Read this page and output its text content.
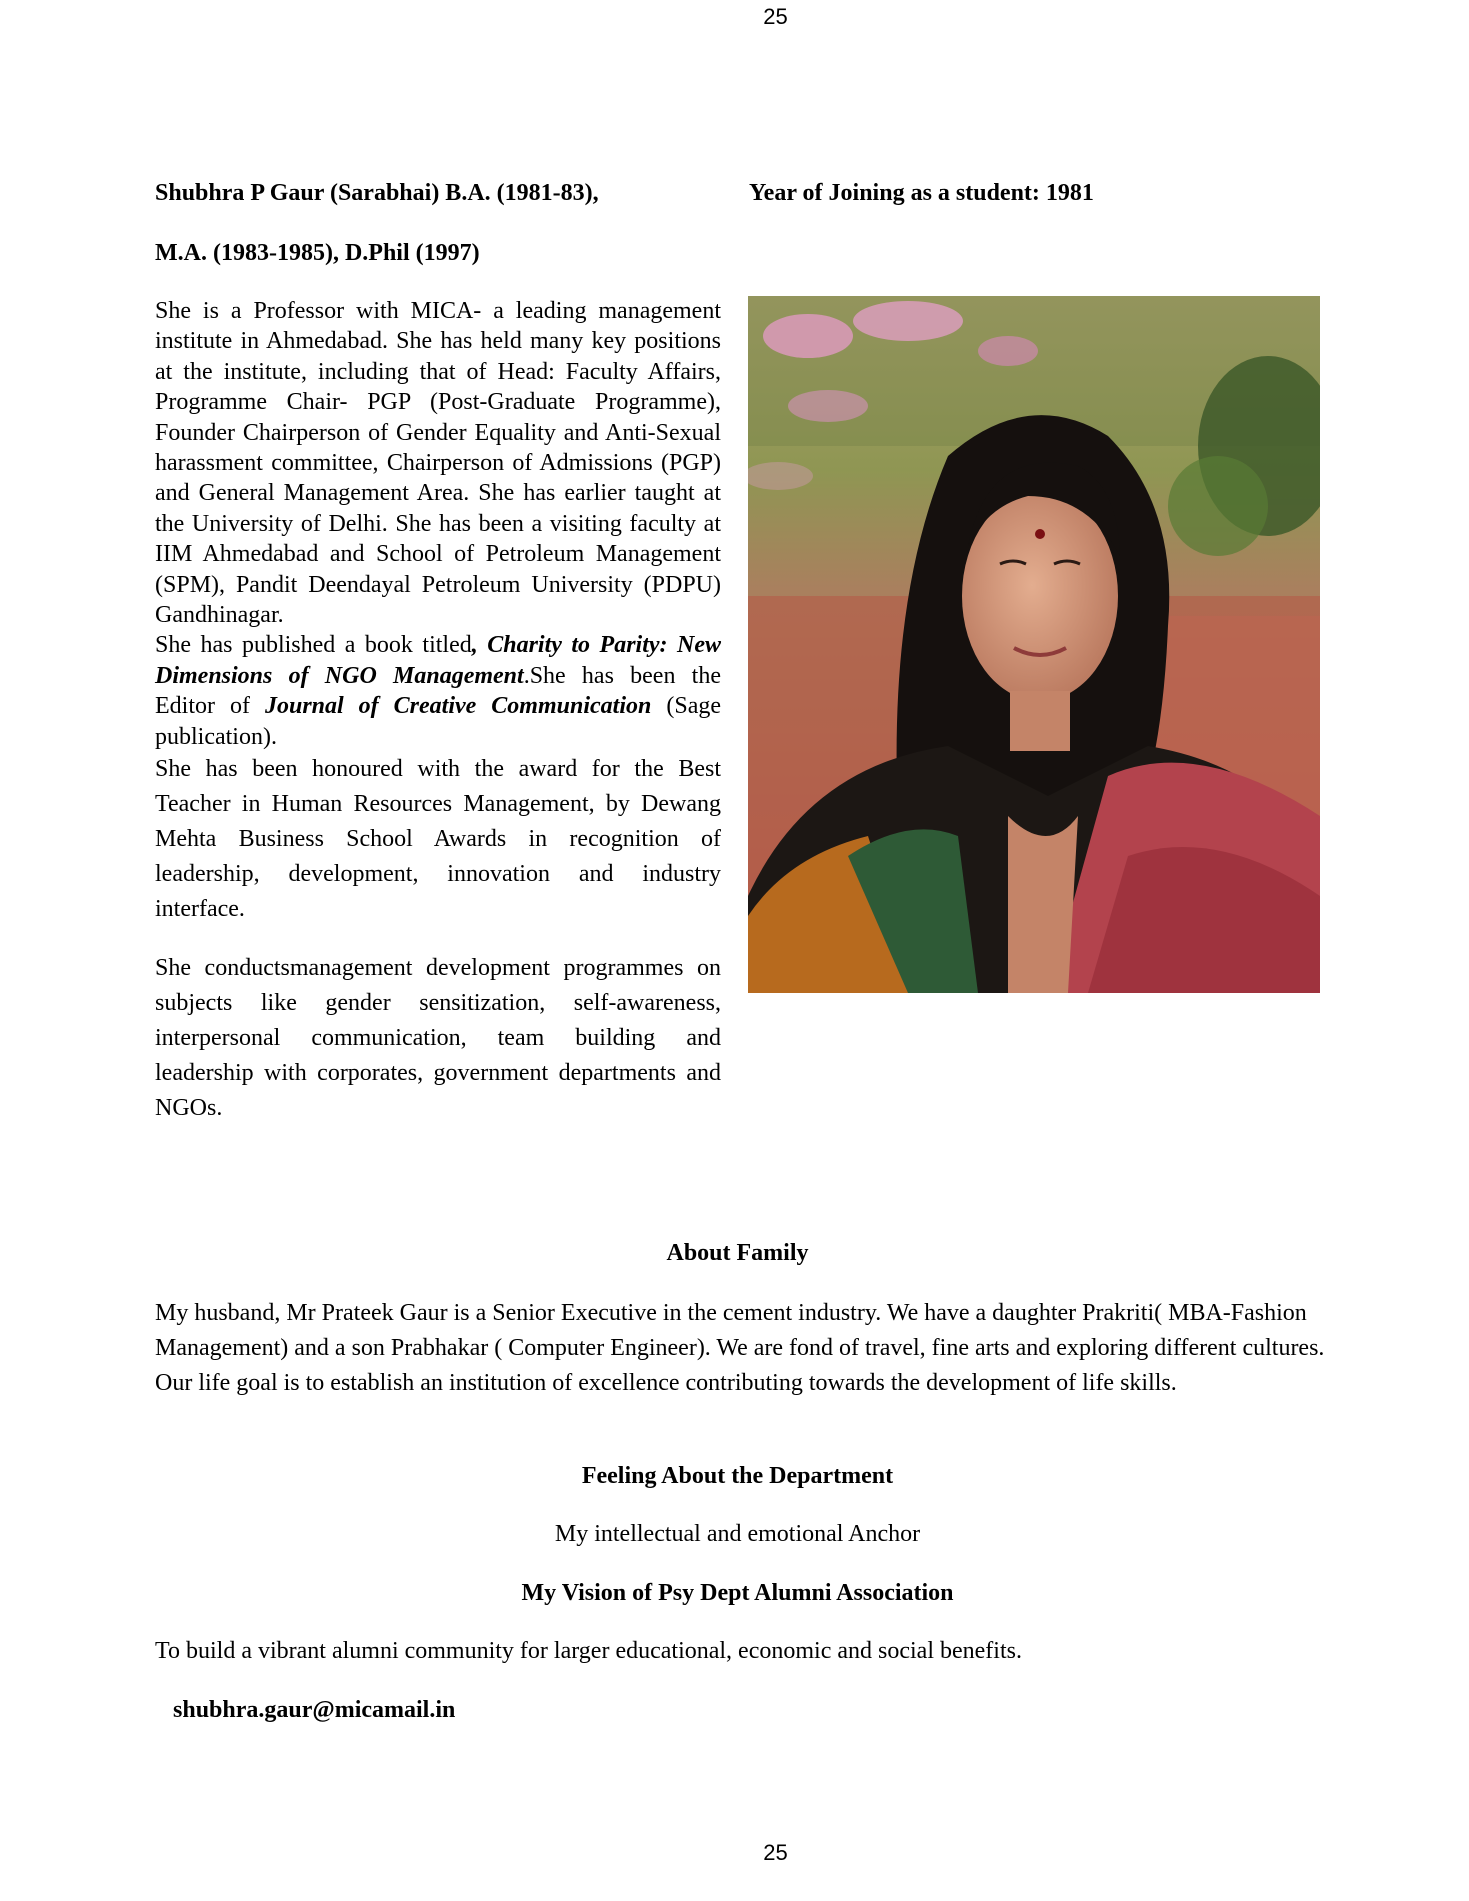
25
Shubhra P Gaur (Sarabhai) B.A. (1981-83),	Year of Joining as a student: 1981
M.A. (1983-1985), D.Phil (1997)

She is a Professor with MICA- a leading management institute in Ahmedabad. She has held many key positions at the institute, including that of Head: Faculty Affairs, Programme Chair- PGP (Post-Graduate Programme), Founder Chairperson of Gender Equality and Anti-Sexual harassment committee, Chairperson of Admissions (PGP) and General Management Area. She has earlier taught at the University of Delhi. She has been a visiting faculty at IIM Ahmedabad and School of Petroleum Management (SPM), Pandit Deendayal Petroleum University (PDPU) Gandhinagar.

She has published a book titled, Charity to Parity: New Dimensions of NGO Management.She has been the Editor of Journal of Creative Communication (Sage publication).

She has been honoured with the award for the Best Teacher in Human Resources Management, by Dewang Mehta Business School Awards in recognition of leadership, development, innovation and industry interface.

She conductsmanagement development programmes on subjects like gender sensitization, self-awareness, interpersonal communication, team building and leadership with corporates, government departments and NGOs.

About Family

My husband, Mr Prateek Gaur is a Senior Executive in the cement industry. We have a daughter Prakriti( MBA-Fashion Management) and a son Prabhakar ( Computer Engineer). We are fond of travel, fine arts and exploring different cultures. Our life goal is to establish an institution of excellence contributing towards the development of life skills.

Feeling About the Department
My intellectual and emotional Anchor
My Vision of Psy Dept Alumni Association

To build a vibrant alumni community for larger educational, economic and social benefits.

shubhra.gaur@micamail.in
25
